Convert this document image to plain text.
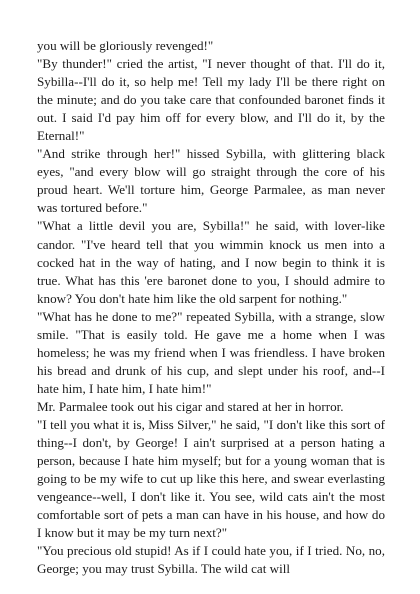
you will be gloriously revenged!"

"By thunder!" cried the artist, "I never thought of that. I'll do it, Sybilla--I'll do it, so help me! Tell my lady I'll be there right on the minute; and do you take care that confounded baronet finds it out. I said I'd pay him off for every blow, and I'll do it, by the Eternal!"

"And strike through her!" hissed Sybilla, with glittering black eyes, "and every blow will go straight through the core of his proud heart. We'll torture him, George Parmalee, as man never was tortured before."

"What a little devil you are, Sybilla!" he said, with lover-like candor. "I've heard tell that you wimmin knock us men into a cocked hat in the way of hating, and I now begin to think it is true. What has this 'ere baronet done to you, I should admire to know? You don't hate him like the old sarpent for nothing."

"What has he done to me?" repeated Sybilla, with a strange, slow smile. "That is easily told. He gave me a home when I was homeless; he was my friend when I was friendless. I have broken his bread and drunk of his cup, and slept under his roof, and--I hate him, I hate him, I hate him!"

Mr. Parmalee took out his cigar and stared at her in horror.

"I tell you what it is, Miss Silver," he said, "I don't like this sort of thing--I don't, by George! I ain't surprised at a person hating a person, because I hate him myself; but for a young woman that is going to be my wife to cut up like this here, and swear everlasting vengeance--well, I don't like it. You see, wild cats ain't the most comfortable sort of pets a man can have in his house, and how do I know but it may be my turn next?"

"You precious old stupid! As if I could hate you, if I tried. No, no, George; you may trust Sybilla. The wild cat will
